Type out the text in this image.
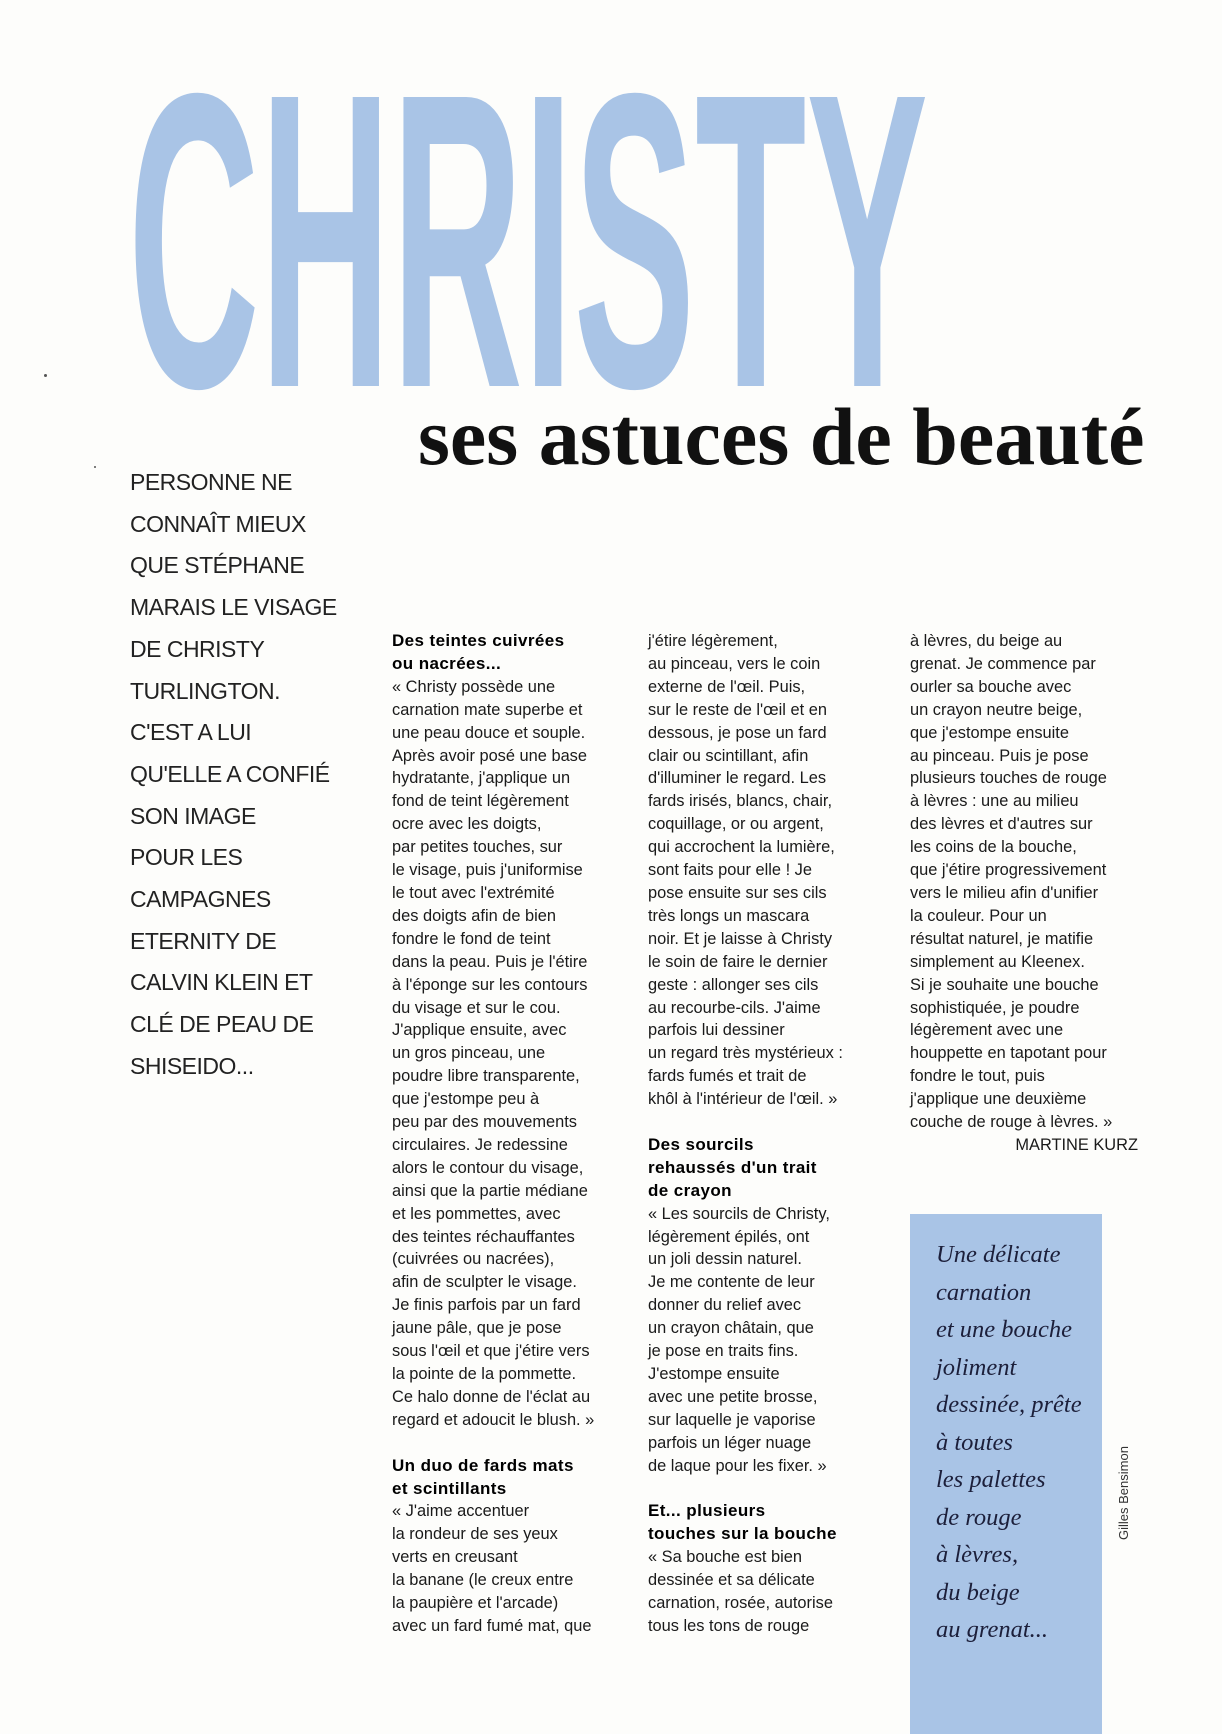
CHRISTY
ses astuces de beauté
PERSONNE NE
CONNAÎT MIEUX
QUE STÉPHANE
MARAIS LE VISAGE
DE CHRISTY
TURLINGTON.
C'EST A LUI
QU'ELLE A CONFIÉ
SON IMAGE
POUR LES
CAMPAGNES
ETERNITY DE
CALVIN KLEIN ET
CLÉ DE PEAU DE
SHISEIDO...
Des teintes cuivrées
ou nacrées...
« Christy possède une
carnation mate superbe et
une peau douce et souple.
Après avoir posé une base
hydratante, j'applique un
fond de teint légèrement
ocre avec les doigts,
par petites touches, sur
le visage, puis j'uniformise
le tout avec l'extrémité
des doigts afin de bien
fondre le fond de teint
dans la peau. Puis je l'étire
à l'éponge sur les contours
du visage et sur le cou.
J'applique ensuite, avec
un gros pinceau, une
poudre libre transparente,
que j'estompe peu à
peu par des mouvements
circulaires. Je redessine
alors le contour du visage,
ainsi que la partie médiane
et les pommettes, avec
des teintes réchauffantes
(cuivrées ou nacrées),
afin de sculpter le visage.
Je finis parfois par un fard
jaune pâle, que je pose
sous l'œil et que j'étire vers
la pointe de la pommette.
Ce halo donne de l'éclat au
regard et adoucit le blush. »
Un duo de fards mats
et scintillants
« J'aime accentuer
la rondeur de ses yeux
verts en creusant
la banane (le creux entre
la paupière et l'arcade)
avec un fard fumé mat, que
j'étire légèrement,
au pinceau, vers le coin
externe de l'œil. Puis,
sur le reste de l'œil et en
dessous, je pose un fard
clair ou scintillant, afin
d'illuminer le regard. Les
fards irisés, blancs, chair,
coquillage, or ou argent,
qui accrochent la lumière,
sont faits pour elle ! Je
pose ensuite sur ses cils
très longs un mascara
noir. Et je laisse à Christy
le soin de faire le dernier
geste : allonger ses cils
au recourbe-cils. J'aime
parfois lui dessiner
un regard très mystérieux :
fards fumés et trait de
khôl à l'intérieur de l'œil. »
Des sourcils
rehaussés d'un trait
de crayon
« Les sourcils de Christy,
légèrement épilés, ont
un joli dessin naturel.
Je me contente de leur
donner du relief avec
un crayon châtain, que
je pose en traits fins.
J'estompe ensuite
avec une petite brosse,
sur laquelle je vaporise
parfois un léger nuage
de laque pour les fixer. »
Et... plusieurs
touches sur la bouche
« Sa bouche est bien
dessinée et sa délicate
carnation, rosée, autorise
tous les tons de rouge
à lèvres, du beige au
grenat. Je commence par
ourler sa bouche avec
un crayon neutre beige,
que j'estompe ensuite
au pinceau. Puis je pose
plusieurs touches de rouge
à lèvres : une au milieu
des lèvres et d'autres sur
les coins de la bouche,
que j'étire progressivement
vers le milieu afin d'unifier
la couleur. Pour un
résultat naturel, je matifie
simplement au Kleenex.
Si je souhaite une bouche
sophistiquée, je poudre
légèrement avec une
houppette en tapotant pour
fondre le tout, puis
j'applique une deuxième
couche de rouge à lèvres. »
MARTINE KURZ
Une délicate
carnation
et une bouche
joliment
dessinée, prête
à toutes
les palettes
de rouge
à lèvres,
du beige
au grenat...
Gilles Bensimon
